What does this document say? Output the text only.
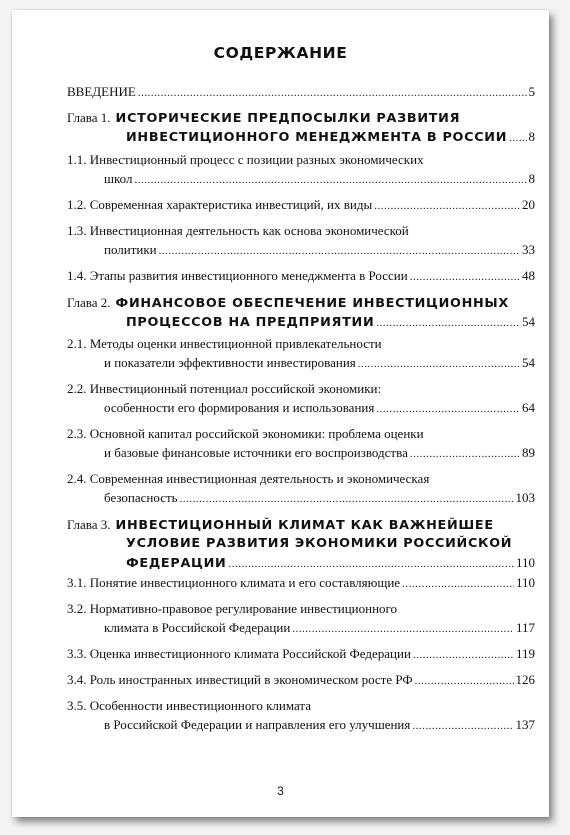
СОДЕРЖАНИЕ
ВВЕДЕНИЕ .....	5
Глава 1. ИСТОРИЧЕСКИЕ ПРЕДПОСЫЛКИ РАЗВИТИЯ
ИНВЕСТИЦИОННОГО МЕНЕДЖМЕНТА В РОССИИ ..... 8
1.1. Инвестиционный процесс с позиции разных экономических
школ .....	8
1.2. Современная характеристика инвестиций, их виды .....	20
1.3. Инвестиционная деятельность как основа экономической
политики .....	33
1.4. Этапы развития инвестиционного менеджмента в России .....	48
Глава 2. ФИНАНСОВОЕ ОБЕСПЕЧЕНИЕ ИНВЕСТИЦИОННЫХ
ПРОЦЕССОВ НА ПРЕДПРИЯТИИ .....	54
2.1. Методы оценки инвестиционной привлекательности
и показатели эффективности инвестирования .....	54
2.2. Инвестиционный потенциал российской экономики:
особенности его формирования и использования .....	64
2.3. Основной капитал российской экономики: проблема оценки
и базовые финансовые источники его воспроизводства .....	89
2.4. Современная инвестиционная деятельность и экономическая
безопасность .....	103
Глава 3. ИНВЕСТИЦИОННЫЙ КЛИМАТ КАК ВАЖНЕЙШЕЕ
УСЛОВИЕ РАЗВИТИЯ ЭКОНОМИКИ РОССИЙСКОЙ
ФЕДЕРАЦИИ .....	110
3.1. Понятие инвестиционного климата и его составляющие .....	110
3.2. Нормативно-правовое регулирование инвестиционного
климата в Российской Федерации .....	117
3.3. Оценка инвестиционного климата Российской Федерации .....	119
3.4. Роль иностранных инвестиций в экономическом росте РФ .....	126
3.5. Особенности инвестиционного климата
в Российской Федерации и направления его улучшения .....	137
3
